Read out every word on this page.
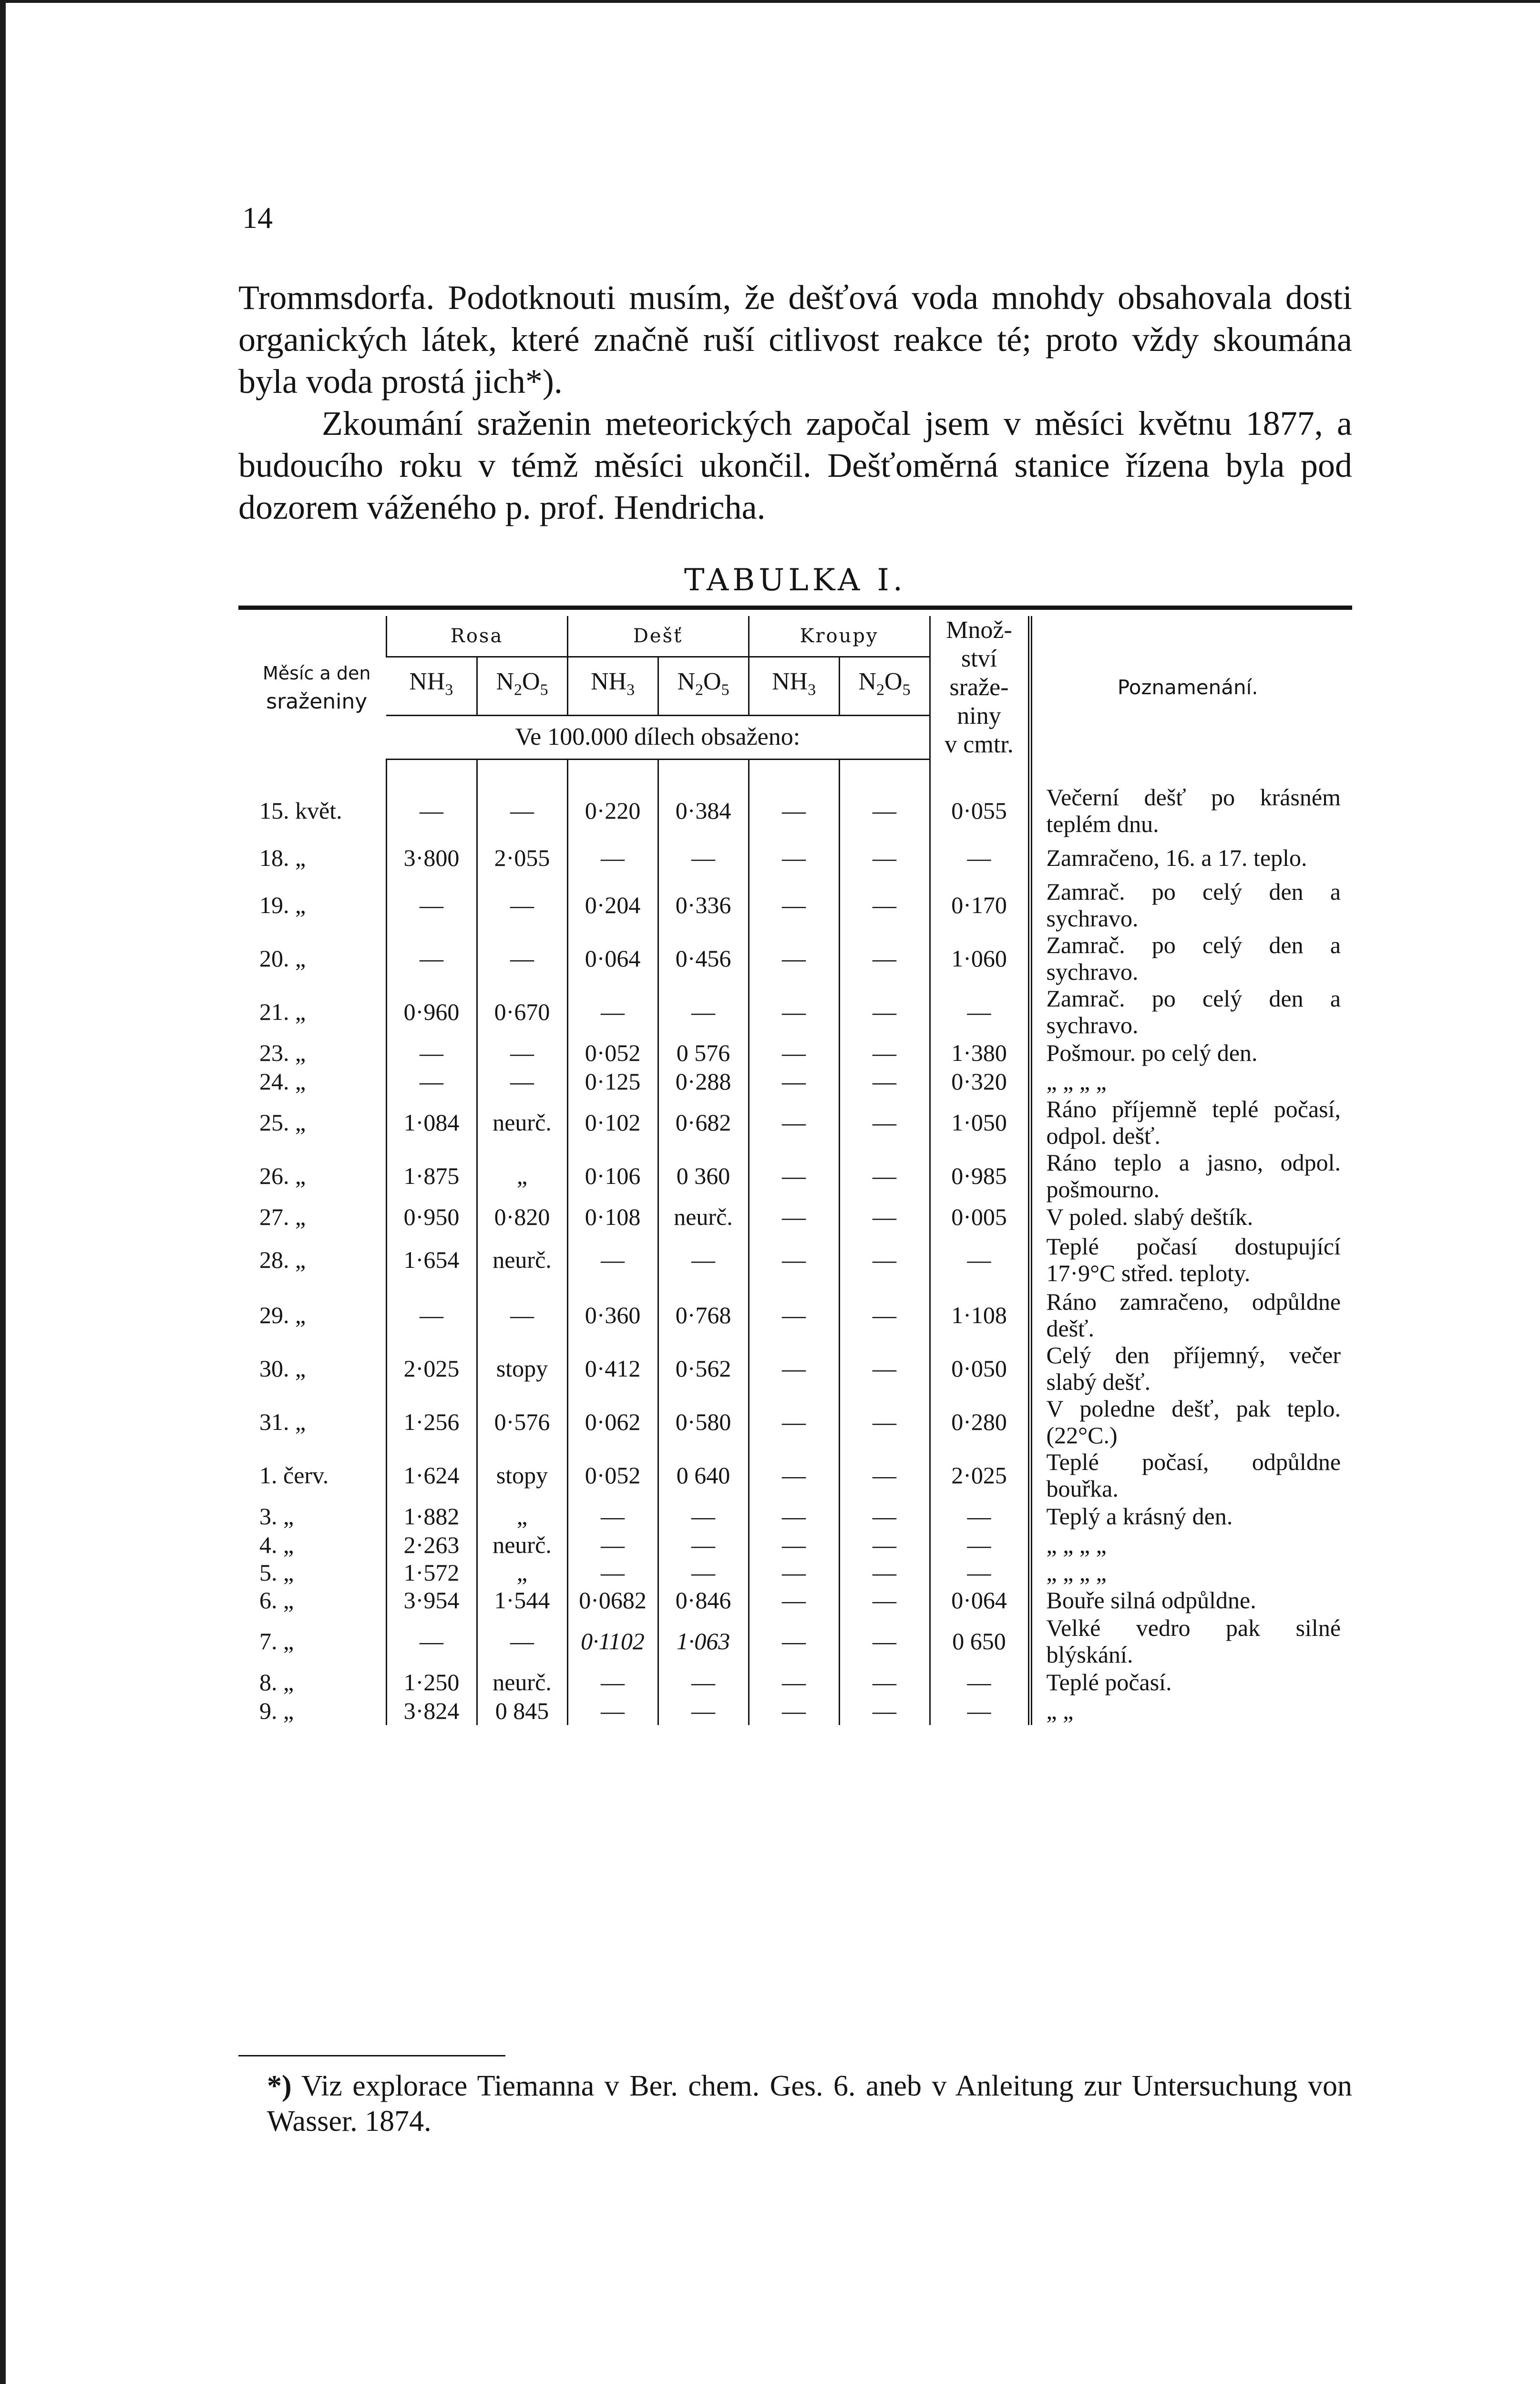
14

Trommsdorfa. Podotknouti musím, že dešťová voda mnohdy obsahovala dosti organických látek, které značně ruší citlivost reakce té; proto vždy skoumána byla voda prostá jich*).

Zkoumání sraženin meteorických započal jsem v měsíci květnu 1877, a budoucího roku v témž měsíci ukončil. Dešťoměrná stanice řízena byla pod dozorem váženého p. prof. Hendricha.

TABULKA I.
Měsíc a den
sraženiny	Rosa		Dešť		Kroupy		Množ-
ství
sraže-
niny
v cmtr.	Poznamenání.
	$NH_3$	$N_2O_5$	$NH_3$	$N_2O_5$	$NH_3$	$N_2O_5$
	Ve 100.000 dílech obsaženo:							

15. květ.	—	—	0·220	0·384	—	—	0·055	Večerní dešť po krásném teplém dnu.
18. „	3·800	2·055	—	—	—	—	—	Zamračeno, 16. a 17. teplo.
19. „	—	—	0·204	0·336	—	—	0·170	Zamrač. po celý den a sychravo.
20. „	—	—	0·064	0·456	—	—	1·060	Zamrač. po celý den a sychravo.
21. „	0·960	0·670	—	—	—	—	—	Zamrač. po celý den a sychravo.
23. „	—	—	0·052	0 576	—	—	1·380	Pošmour. po celý den.
24. „	—	—	0·125	0·288	—	—	0·320	„ „ „ „
25. „	1·084	neurč.	0·102	0·682	—	—	1·050	Ráno příjemně teplé počasí, odpol. dešť.
26. „	1·875	„	0·106	0 360	—	—	0·985	Ráno teplo a jasno, odpol. pošmourno.
27. „	0·950	0·820	0·108	neurč.	—	—	0·005	V poled. slabý deštík.
28. „	1·654	neurč.	—	—	—	—	—	Teplé počasí dostupující 17·9°C střed. teploty.
29. „	—	—	0·360	0·768	—	—	1·108	Ráno zamračeno, odpůldne dešť.
30. „	2·025	stopy	0·412	0·562	—	—	0·050	Celý den příjemný, večer slabý dešť.
31. „	1·256	0·576	0·062	0·580	—	—	0·280	V poledne dešť, pak teplo. (22°C.)
1. červ.	1·624	stopy	0·052	0 640	—	—	2·025	Teplé počasí, odpůldne bouřka.
3. „	1·882	„	—	—	—	—	—	Teplý a krásný den.
4. „	2·263	neurč.	—	—	—	—	—	„ „ „ „
5. „	1·572	„	—	—	—	—	—	„ „ „ „
6. „	3·954	1·544	0·0682	0·846	—	—	0·064	Bouře silná odpůldne.
7. „	—	—	0·1102	1·063	—	—	0 650	Velké vedro pak silné blýskání.
8. „	1·250	neurč.	—	—	—	—	—	Teplé počasí.
9. „	3·824	0 845	—	—	—	—	—	„ „

*) Viz explorace Tiemanna v Ber. chem. Ges. 6. aneb v Anleitung zur Untersuchung von Wasser. 1874.
